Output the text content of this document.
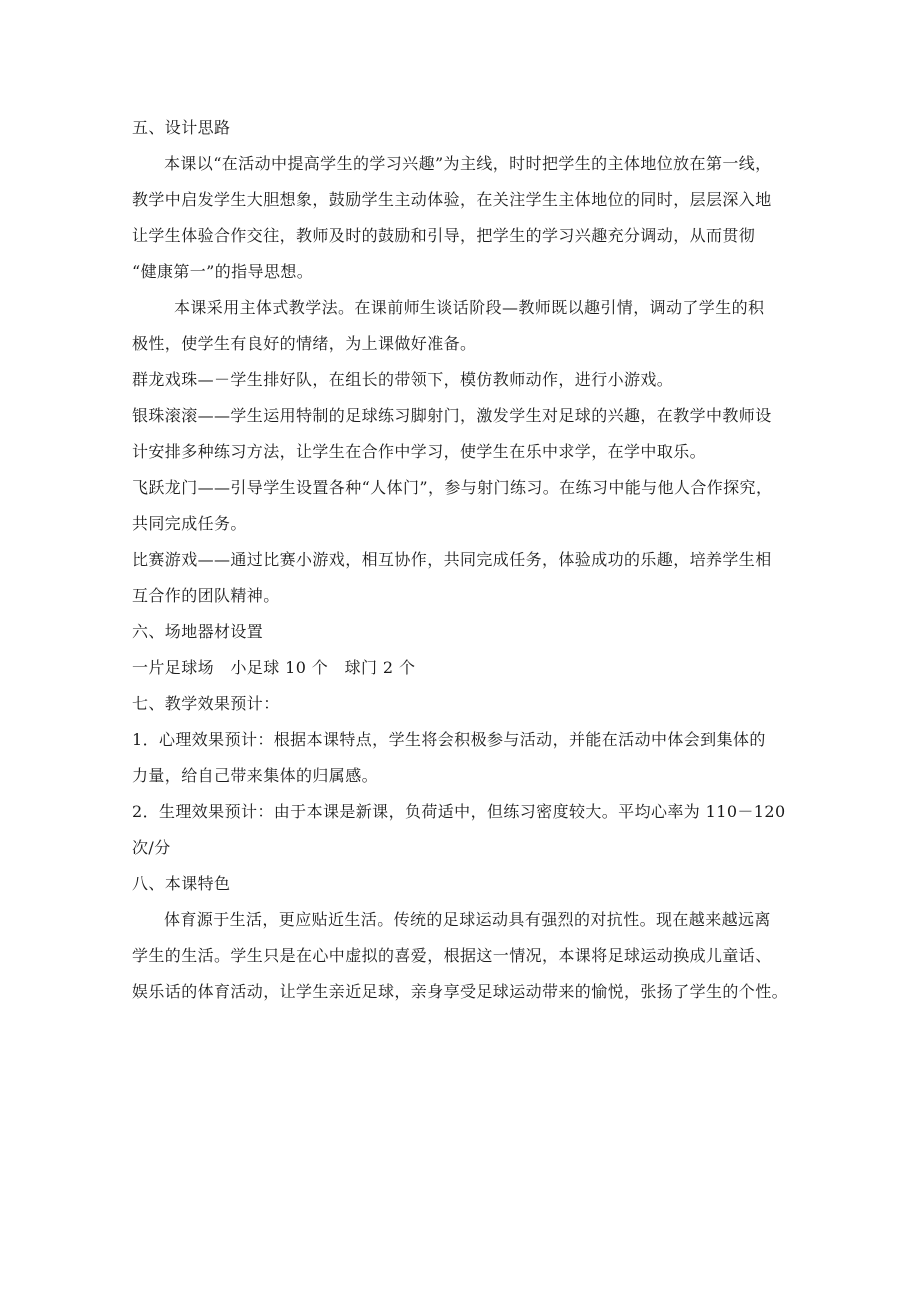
五、设计思路
本课以“在活动中提高学生的学习兴趣”为主线，时时把学生的主体地位放在第一线，
教学中启发学生大胆想象，鼓励学生主动体验，在关注学生主体地位的同时，层层深入地
让学生体验合作交往，教师及时的鼓励和引导，把学生的学习兴趣充分调动，从而贯彻
“健康第一”的指导思想。
本课采用主体式教学法。在课前师生谈话阶段—教师既以趣引情，调动了学生的积
极性，使学生有良好的情绪，为上课做好准备。
群龙戏珠—－学生排好队，在组长的带领下，模仿教师动作，进行小游戏。
银珠滚滚——学生运用特制的足球练习脚射门，激发学生对足球的兴趣，在教学中教师设
计安排多种练习方法，让学生在合作中学习，使学生在乐中求学，在学中取乐。
飞跃龙门——引导学生设置各种“人体门”，参与射门练习。在练习中能与他人合作探究，
共同完成任务。
比赛游戏——通过比赛小游戏，相互协作，共同完成任务，体验成功的乐趣，培养学生相
互合作的团队精神。
六、场地器材设置
一片足球场   小足球 10 个   球门 2 个
七、教学效果预计：
1．心理效果预计：根据本课特点，学生将会积极参与活动，并能在活动中体会到集体的
力量，给自己带来集体的归属感。
2．生理效果预计：由于本课是新课，负荷适中，但练习密度较大。平均心率为 110－120
次/分
八、本课特色
体育源于生活，更应贴近生活。传统的足球运动具有强烈的对抗性。现在越来越远离
学生的生活。学生只是在心中虚拟的喜爱，根据这一情况，本课将足球运动换成儿童话、
娱乐话的体育活动，让学生亲近足球，亲身享受足球运动带来的愉悦，张扬了学生的个性。
